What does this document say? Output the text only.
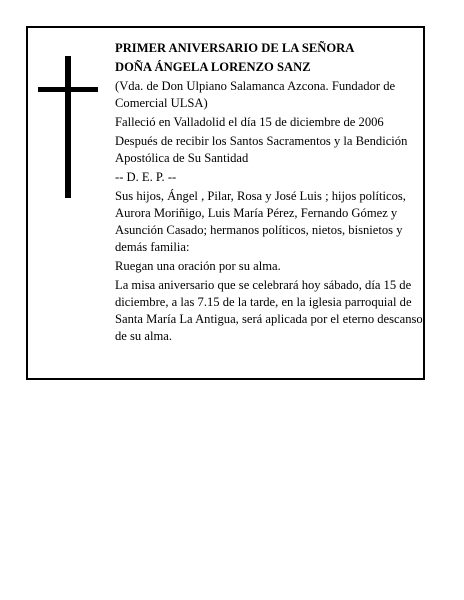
PRIMER ANIVERSARIO DE LA SEÑORA

DOÑA ÁNGELA LORENZO SANZ

(Vda. de Don Ulpiano Salamanca Azcona. Fundador de Comercial ULSA)

Falleció en Valladolid el día 15 de diciembre de 2006

Después de recibir los Santos Sacramentos y la Bendición Apostólica de Su Santidad

-- D. E. P. --

Sus hijos, Ángel , Pilar, Rosa y José Luis ; hijos políticos, Aurora Moriñigo, Luis María Pérez, Fernando Gómez y Asunción Casado; hermanos políticos, nietos, bisnietos y demás familia:

Ruegan una oración por su alma.

La misa aniversario que se celebrará hoy sábado, día 15 de diciembre, a las 7.15 de la tarde, en la iglesia parroquial de Santa María La Antigua, será aplicada por el eterno descanso de su alma.
